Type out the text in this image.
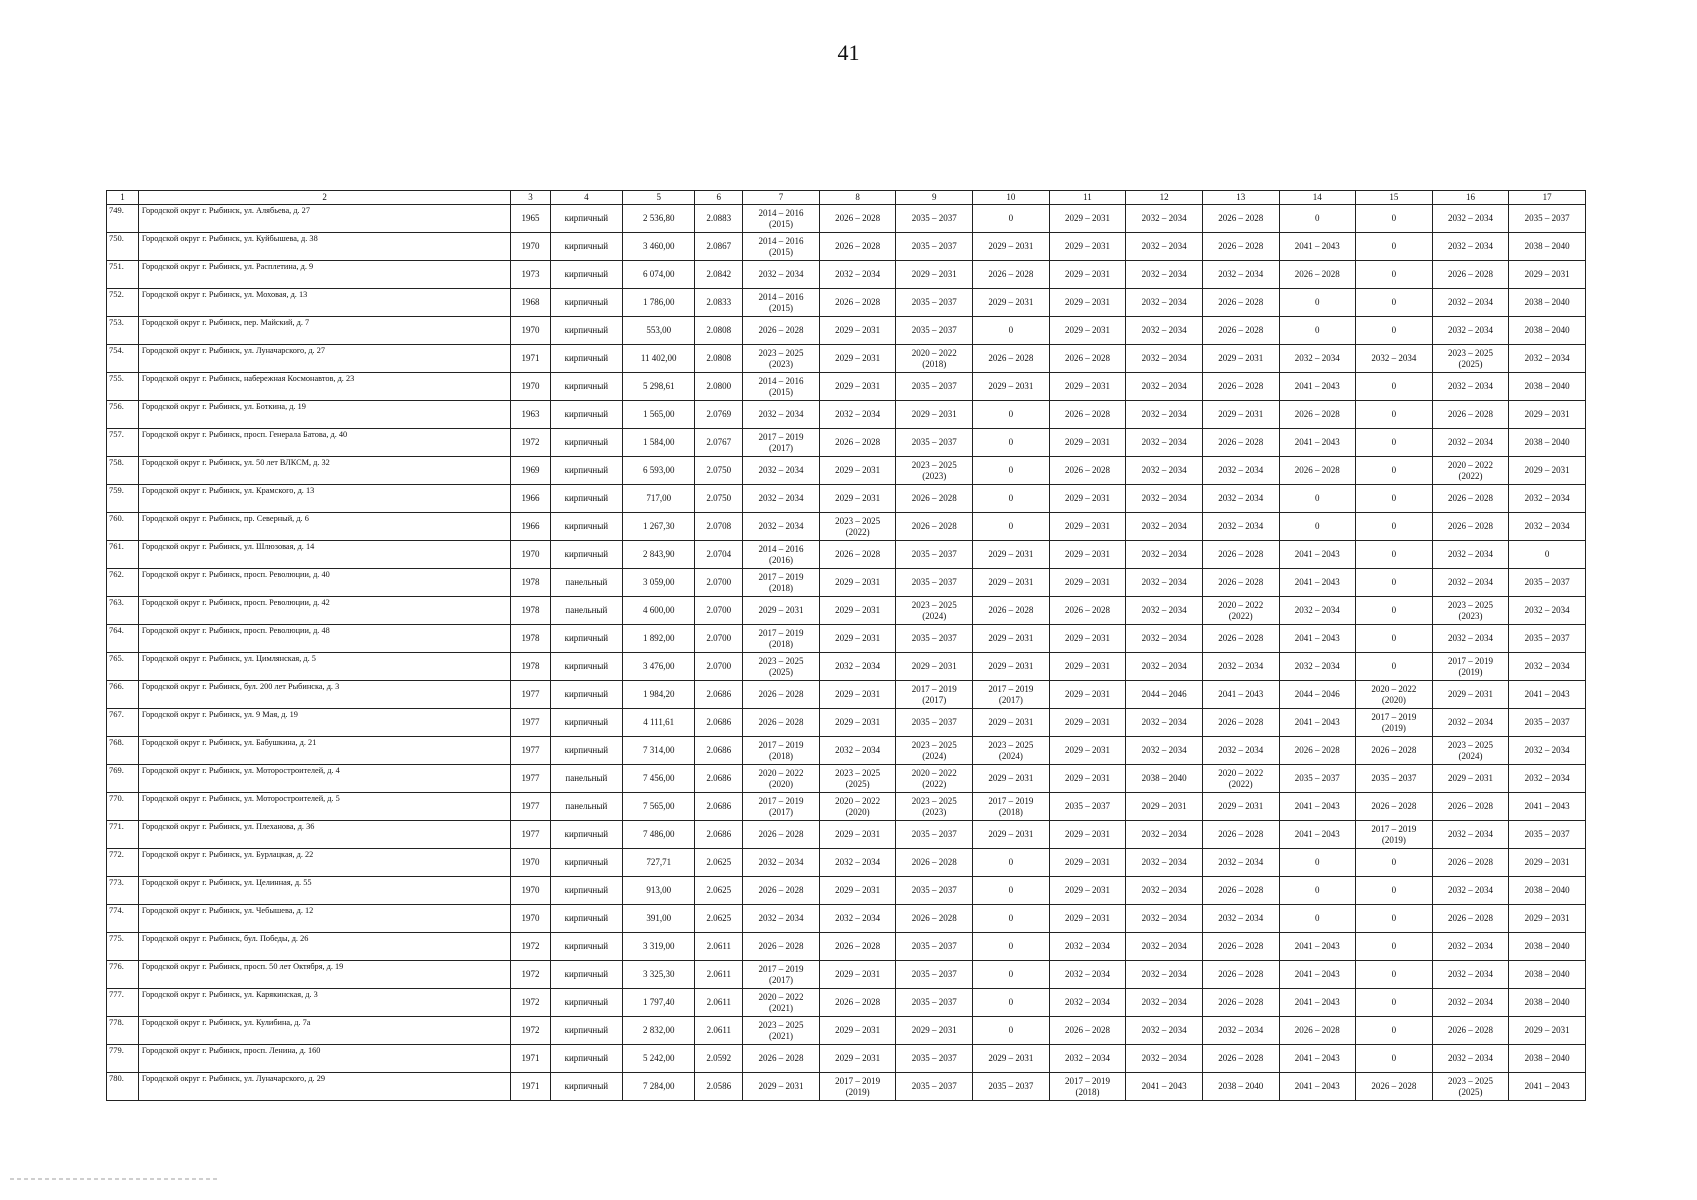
41
1	2	3	4	5	6	7	8	9	10	11	12	13	14	15	16	17
749.	Городской округ г. Рыбинск, ул. Алябьева, д. 27	1965	кирпичный	2 536,80	2.0883	2014 – 2016
(2015)	2026 – 2028	2035 – 2037	0	2029 – 2031	2032 – 2034	2026 – 2028	0	0	2032 – 2034	2035 – 2037
750.	Городской округ г. Рыбинск, ул. Куйбышева, д. 38	1970	кирпичный	3 460,00	2.0867	2014 – 2016
(2015)	2026 – 2028	2035 – 2037	2029 – 2031	2029 – 2031	2032 – 2034	2026 – 2028	2041 – 2043	0	2032 – 2034	2038 – 2040
751.	Городской округ г. Рыбинск, ул. Расплетина, д. 9	1973	кирпичный	6 074,00	2.0842	2032 – 2034	2032 – 2034	2029 – 2031	2026 – 2028	2029 – 2031	2032 – 2034	2032 – 2034	2026 – 2028	0	2026 – 2028	2029 – 2031
752.	Городской округ г. Рыбинск, ул. Моховая, д. 13	1968	кирпичный	1 786,00	2.0833	2014 – 2016
(2015)	2026 – 2028	2035 – 2037	2029 – 2031	2029 – 2031	2032 – 2034	2026 – 2028	0	0	2032 – 2034	2038 – 2040
753.	Городской округ г. Рыбинск, пер. Майский, д. 7	1970	кирпичный	553,00	2.0808	2026 – 2028	2029 – 2031	2035 – 2037	0	2029 – 2031	2032 – 2034	2026 – 2028	0	0	2032 – 2034	2038 – 2040
754.	Городской округ г. Рыбинск, ул. Луначарского, д. 27	1971	кирпичный	11 402,00	2.0808	2023 – 2025
(2023)	2029 – 2031	2020 – 2022
(2018)	2026 – 2028	2026 – 2028	2032 – 2034	2029 – 2031	2032 – 2034	2032 – 2034	2023 – 2025
(2025)	2032 – 2034
755.	Городской округ г. Рыбинск, набережная Космонавтов, д. 23	1970	кирпичный	5 298,61	2.0800	2014 – 2016
(2015)	2029 – 2031	2035 – 2037	2029 – 2031	2029 – 2031	2032 – 2034	2026 – 2028	2041 – 2043	0	2032 – 2034	2038 – 2040
756.	Городской округ г. Рыбинск, ул. Боткина, д. 19	1963	кирпичный	1 565,00	2.0769	2032 – 2034	2032 – 2034	2029 – 2031	0	2026 – 2028	2032 – 2034	2029 – 2031	2026 – 2028	0	2026 – 2028	2029 – 2031
757.	Городской округ г. Рыбинск, просп. Генерала Батова, д. 40	1972	кирпичный	1 584,00	2.0767	2017 – 2019
(2017)	2026 – 2028	2035 – 2037	0	2029 – 2031	2032 – 2034	2026 – 2028	2041 – 2043	0	2032 – 2034	2038 – 2040
758.	Городской округ г. Рыбинск, ул. 50 лет ВЛКСМ, д. 32	1969	кирпичный	6 593,00	2.0750	2032 – 2034	2029 – 2031	2023 – 2025
(2023)	0	2026 – 2028	2032 – 2034	2032 – 2034	2026 – 2028	0	2020 – 2022
(2022)	2029 – 2031
759.	Городской округ г. Рыбинск, ул. Крамского, д. 13	1966	кирпичный	717,00	2.0750	2032 – 2034	2029 – 2031	2026 – 2028	0	2029 – 2031	2032 – 2034	2032 – 2034	0	0	2026 – 2028	2032 – 2034
760.	Городской округ г. Рыбинск, пр. Северный, д. 6	1966	кирпичный	1 267,30	2.0708	2032 – 2034	2023 – 2025
(2022)	2026 – 2028	0	2029 – 2031	2032 – 2034	2032 – 2034	0	0	2026 – 2028	2032 – 2034
761.	Городской округ г. Рыбинск, ул. Шлюзовая, д. 14	1970	кирпичный	2 843,90	2.0704	2014 – 2016
(2016)	2026 – 2028	2035 – 2037	2029 – 2031	2029 – 2031	2032 – 2034	2026 – 2028	2041 – 2043	0	2032 – 2034	0
762.	Городской округ г. Рыбинск, просп. Революции, д. 40	1978	панельный	3 059,00	2.0700	2017 – 2019
(2018)	2029 – 2031	2035 – 2037	2029 – 2031	2029 – 2031	2032 – 2034	2026 – 2028	2041 – 2043	0	2032 – 2034	2035 – 2037
763.	Городской округ г. Рыбинск, просп. Революции, д. 42	1978	панельный	4 600,00	2.0700	2029 – 2031	2029 – 2031	2023 – 2025
(2024)	2026 – 2028	2026 – 2028	2032 – 2034	2020 – 2022
(2022)	2032 – 2034	0	2023 – 2025
(2023)	2032 – 2034
764.	Городской округ г. Рыбинск, просп. Революции, д. 48	1978	кирпичный	1 892,00	2.0700	2017 – 2019
(2018)	2029 – 2031	2035 – 2037	2029 – 2031	2029 – 2031	2032 – 2034	2026 – 2028	2041 – 2043	0	2032 – 2034	2035 – 2037
765.	Городской округ г. Рыбинск, ул. Цимлянская, д. 5	1978	кирпичный	3 476,00	2.0700	2023 – 2025
(2025)	2032 – 2034	2029 – 2031	2029 – 2031	2029 – 2031	2032 – 2034	2032 – 2034	2032 – 2034	0	2017 – 2019
(2019)	2032 – 2034
766.	Городской округ г. Рыбинск, бул. 200 лет Рыбинска, д. 3	1977	кирпичный	1 984,20	2.0686	2026 – 2028	2029 – 2031	2017 – 2019
(2017)	2017 – 2019
(2017)	2029 – 2031	2044 – 2046	2041 – 2043	2044 – 2046	2020 – 2022
(2020)	2029 – 2031	2041 – 2043
767.	Городской округ г. Рыбинск, ул. 9 Мая, д. 19	1977	кирпичный	4 111,61	2.0686	2026 – 2028	2029 – 2031	2035 – 2037	2029 – 2031	2029 – 2031	2032 – 2034	2026 – 2028	2041 – 2043	2017 – 2019
(2019)	2032 – 2034	2035 – 2037
768.	Городской округ г. Рыбинск, ул. Бабушкина, д. 21	1977	кирпичный	7 314,00	2.0686	2017 – 2019
(2018)	2032 – 2034	2023 – 2025
(2024)	2023 – 2025
(2024)	2029 – 2031	2032 – 2034	2032 – 2034	2026 – 2028	2026 – 2028	2023 – 2025
(2024)	2032 – 2034
769.	Городской округ г. Рыбинск, ул. Моторостроителей, д. 4	1977	панельный	7 456,00	2.0686	2020 – 2022
(2020)	2023 – 2025
(2025)	2020 – 2022
(2022)	2029 – 2031	2029 – 2031	2038 – 2040	2020 – 2022
(2022)	2035 – 2037	2035 – 2037	2029 – 2031	2032 – 2034
770.	Городской округ г. Рыбинск, ул. Моторостроителей, д. 5	1977	панельный	7 565,00	2.0686	2017 – 2019
(2017)	2020 – 2022
(2020)	2023 – 2025
(2023)	2017 – 2019
(2018)	2035 – 2037	2029 – 2031	2029 – 2031	2041 – 2043	2026 – 2028	2026 – 2028	2041 – 2043
771.	Городской округ г. Рыбинск, ул. Плеханова, д. 36	1977	кирпичный	7 486,00	2.0686	2026 – 2028	2029 – 2031	2035 – 2037	2029 – 2031	2029 – 2031	2032 – 2034	2026 – 2028	2041 – 2043	2017 – 2019
(2019)	2032 – 2034	2035 – 2037
772.	Городской округ г. Рыбинск, ул. Бурлацкая, д. 22	1970	кирпичный	727,71	2.0625	2032 – 2034	2032 – 2034	2026 – 2028	0	2029 – 2031	2032 – 2034	2032 – 2034	0	0	2026 – 2028	2029 – 2031
773.	Городской округ г. Рыбинск, ул. Целинная, д. 55	1970	кирпичный	913,00	2.0625	2026 – 2028	2029 – 2031	2035 – 2037	0	2029 – 2031	2032 – 2034	2026 – 2028	0	0	2032 – 2034	2038 – 2040
774.	Городской округ г. Рыбинск, ул. Чебышева, д. 12	1970	кирпичный	391,00	2.0625	2032 – 2034	2032 – 2034	2026 – 2028	0	2029 – 2031	2032 – 2034	2032 – 2034	0	0	2026 – 2028	2029 – 2031
775.	Городской округ г. Рыбинск, бул. Победы, д. 26	1972	кирпичный	3 319,00	2.0611	2026 – 2028	2026 – 2028	2035 – 2037	0	2032 – 2034	2032 – 2034	2026 – 2028	2041 – 2043	0	2032 – 2034	2038 – 2040
776.	Городской округ г. Рыбинск, просп. 50 лет Октября, д. 19	1972	кирпичный	3 325,30	2.0611	2017 – 2019
(2017)	2029 – 2031	2035 – 2037	0	2032 – 2034	2032 – 2034	2026 – 2028	2041 – 2043	0	2032 – 2034	2038 – 2040
777.	Городской округ г. Рыбинск, ул. Карякинская, д. 3	1972	кирпичный	1 797,40	2.0611	2020 – 2022
(2021)	2026 – 2028	2035 – 2037	0	2032 – 2034	2032 – 2034	2026 – 2028	2041 – 2043	0	2032 – 2034	2038 – 2040
778.	Городской округ г. Рыбинск, ул. Кулибина, д. 7а	1972	кирпичный	2 832,00	2.0611	2023 – 2025
(2021)	2029 – 2031	2029 – 2031	0	2026 – 2028	2032 – 2034	2032 – 2034	2026 – 2028	0	2026 – 2028	2029 – 2031
779.	Городской округ г. Рыбинск, просп. Ленина, д. 160	1971	кирпичный	5 242,00	2.0592	2026 – 2028	2029 – 2031	2035 – 2037	2029 – 2031	2032 – 2034	2032 – 2034	2026 – 2028	2041 – 2043	0	2032 – 2034	2038 – 2040
780.	Городской округ г. Рыбинск, ул. Луначарского, д. 29	1971	кирпичный	7 284,00	2.0586	2029 – 2031	2017 – 2019
(2019)	2035 – 2037	2035 – 2037	2017 – 2019
(2018)	2041 – 2043	2038 – 2040	2041 – 2043	2026 – 2028	2023 – 2025
(2025)	2041 – 2043
